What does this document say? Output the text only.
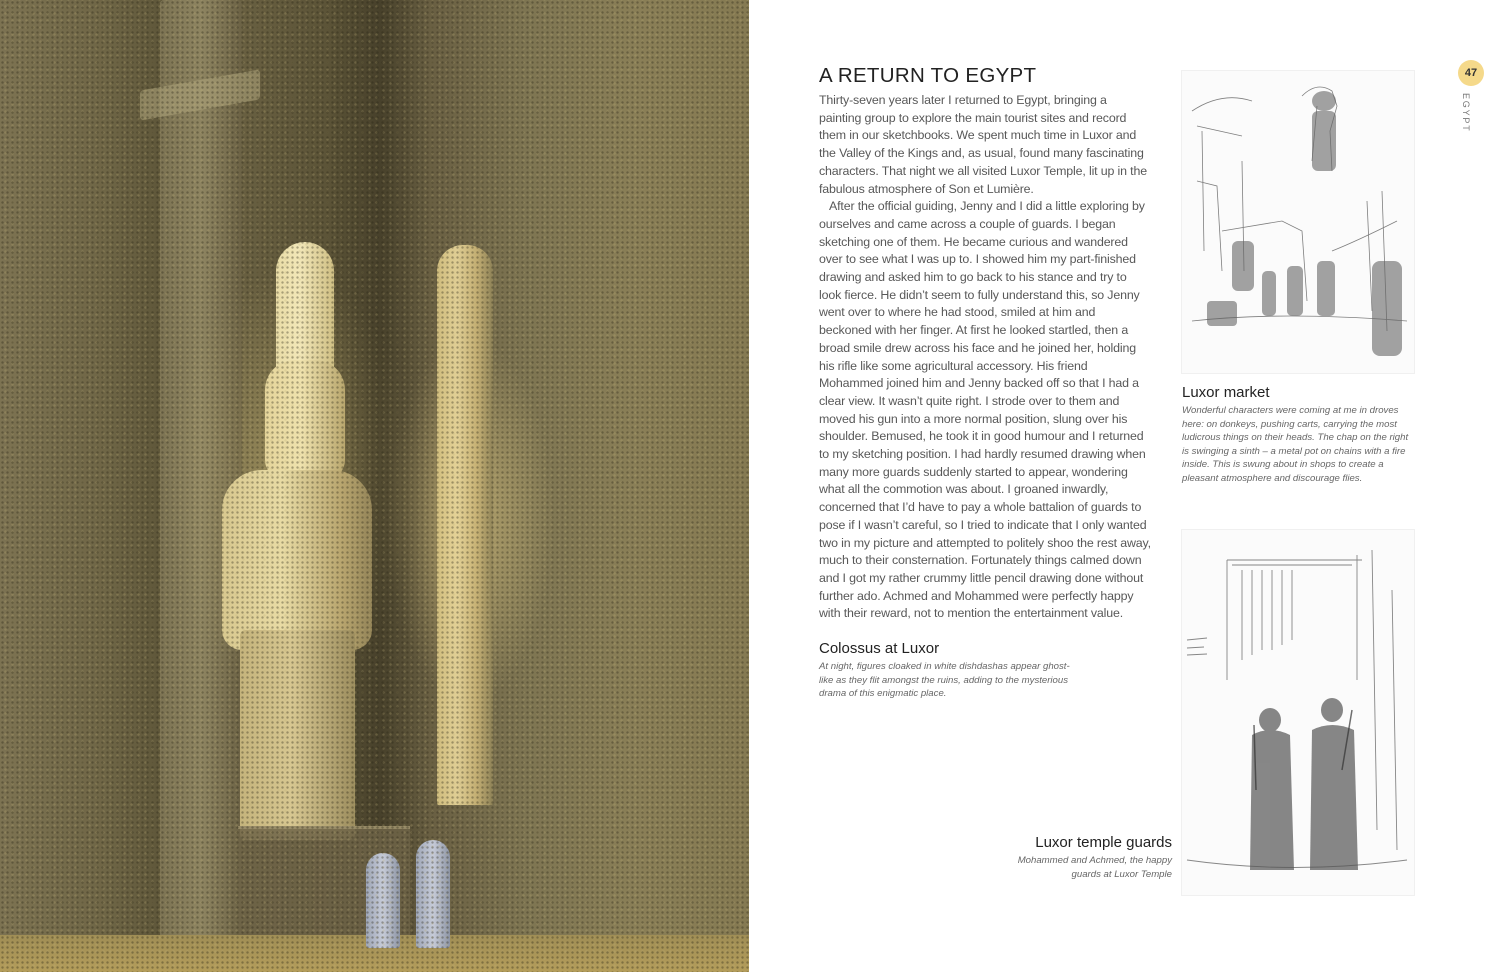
A RETURN TO EGYPT

Thirty-seven years later I returned to Egypt, bringing a painting group to explore the main tourist sites and record them in our sketchbooks. We spent much time in Luxor and the Valley of the Kings and, as usual, found many fascinating characters. That night we all visited Luxor Temple, lit up in the fabulous atmosphere of Son et Lumière.

After the official guiding, Jenny and I did a little exploring by ourselves and came across a couple of guards. I began sketching one of them. He became curious and wandered over to see what I was up to. I showed him my part-finished drawing and asked him to go back to his stance and try to look fierce. He didn’t seem to fully understand this, so Jenny went over to where he had stood, smiled at him and beckoned with her finger. At first he looked startled, then a broad smile drew across his face and he joined her, holding his rifle like some agricultural accessory. His friend Mohammed joined him and Jenny backed off so that I had a clear view. It wasn’t quite right. I strode over to them and moved his gun into a more normal position, slung over his shoulder. Bemused, he took it in good humour and I returned to my sketching position. I had hardly resumed drawing when many more guards suddenly started to appear, wondering what all the commotion was about. I groaned inwardly, concerned that I’d have to pay a whole battalion of guards to pose if I wasn’t careful, so I tried to indicate that I only wanted two in my picture and attempted to politely shoo the rest away, much to their consternation. Fortunately things calmed down and I got my rather crummy little pencil drawing done without further ado. Achmed and Mohammed were perfectly happy with their reward, not to mention the entertainment value.

Colossus at Luxor

At night, figures cloaked in white dishdashas appear ghost-like as they flit amongst the ruins, adding to the mysterious drama of this enigmatic place.

Luxor market

Wonderful characters were coming at me in droves here: on donkeys, pushing carts, carrying the most ludicrous things on their heads. The chap on the right is swinging a sinth – a metal pot on chains with a fire inside. This is swung about in shops to create a pleasant atmosphere and discourage flies.

Luxor temple guards

Mohammed and Achmed, the happy guards at Luxor Temple

47
EGYPT
